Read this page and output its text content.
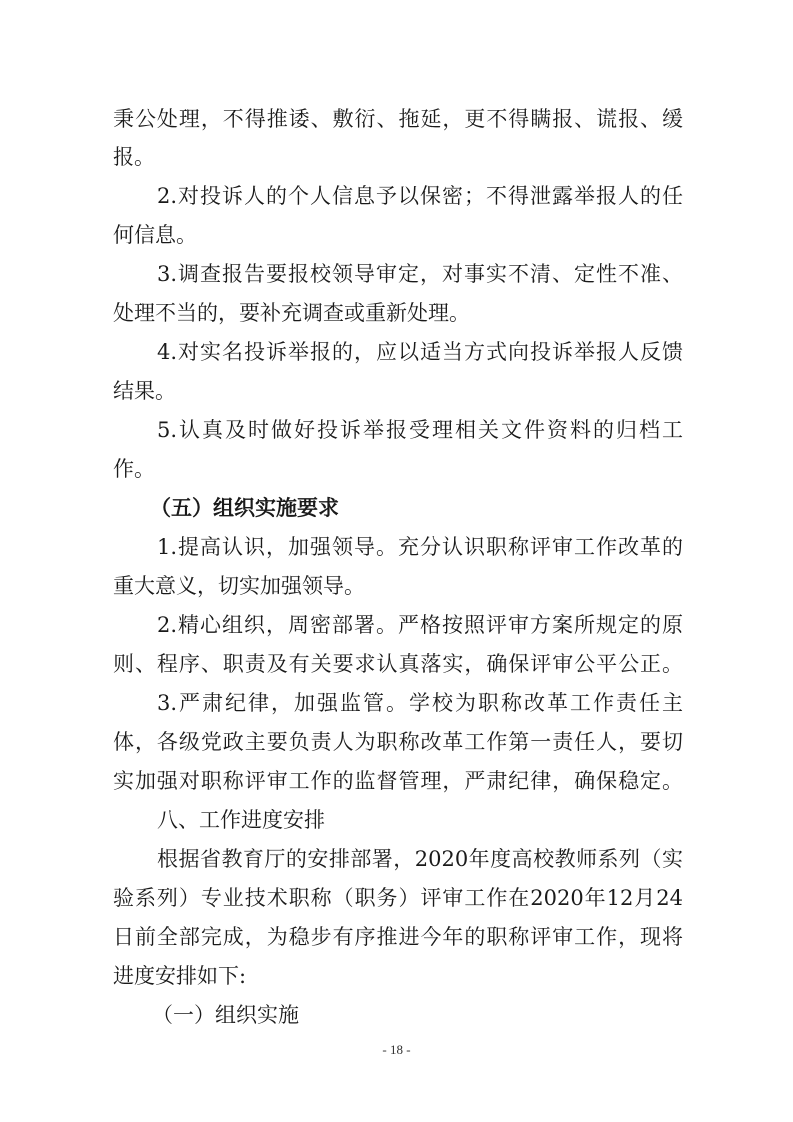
秉公处理，不得推诿、敷衍、拖延，更不得瞒报、谎报、缓
报。
2.对投诉人的个人信息予以保密；不得泄露举报人的任
何信息。
3.调查报告要报校领导审定，对事实不清、定性不准、
处理不当的，要补充调查或重新处理。
4.对实名投诉举报的，应以适当方式向投诉举报人反馈
结果。
5.认真及时做好投诉举报受理相关文件资料的归档工
作。
（五）组织实施要求
1.提高认识，加强领导。充分认识职称评审工作改革的
重大意义，切实加强领导。
2.精心组织，周密部署。严格按照评审方案所规定的原
则、程序、职责及有关要求认真落实，确保评审公平公正。
3.严肃纪律，加强监管。学校为职称改革工作责任主
体，各级党政主要负责人为职称改革工作第一责任人，要切
实加强对职称评审工作的监督管理，严肃纪律，确保稳定。
八、工作进度安排
根据省教育厅的安排部署，2020年度高校教师系列（实
验系列）专业技术职称（职务）评审工作在2020年12月24
日前全部完成，为稳步有序推进今年的职称评审工作，现将
进度安排如下:
（一）组织实施
- 18 -
